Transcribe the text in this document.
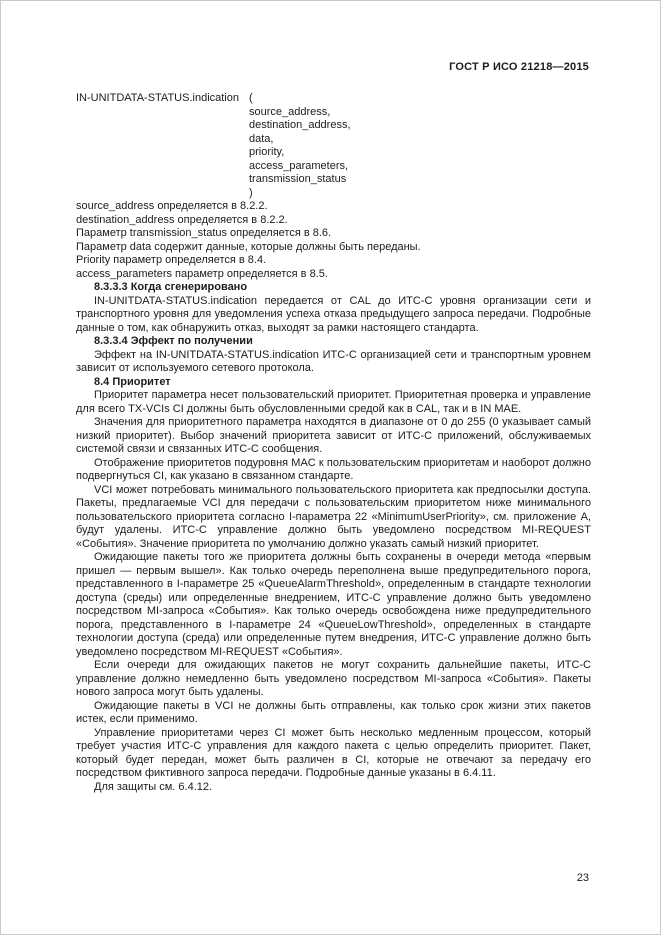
ГОСТ Р ИСО 21218—2015
IN-UNITDATA-STATUS.indication (
source_address,
destination_address,
data,
priority,
access_parameters,
transmission_status
)

source_address определяется в 8.2.2.

destination_address определяется в 8.2.2.

Параметр transmission_status определяется в 8.6.

Параметр data содержит данные, которые должны быть переданы.

Priority параметр определяется в 8.4.

access_parameters параметр определяется в 8.5.

8.3.3.3 Когда сгенерировано

IN-UNITDATA-STATUS.indication передается от CAL до ИТС-С уровня организации сети и транспортного уровня для уведомления успеха отказа предыдущего запроса передачи. Подробные данные о том, как обнаружить отказ, выходят за рамки настоящего стандарта.

8.3.3.4 Эффект по получении

Эффект на IN-UNITDATA-STATUS.indication ИТС-С организацией сети и транспортным уровнем зависит от используемого сетевого протокола.

8.4 Приоритет

Приоритет параметра несет пользовательский приоритет. Приоритетная проверка и управление для всего TX-VCIs CI должны быть обусловленными средой как в CAL, так и в IN MAE.

Значения для приоритетного параметра находятся в диапазоне от 0 до 255 (0 указывает самый низкий приоритет). Выбор значений приоритета зависит от ИТС-С приложений, обслуживаемых системой связи и связанных ИТС-С сообщения.

Отображение приоритетов подуровня MAC к пользовательским приоритетам и наоборот должно подвергнуться CI, как указано в связанном стандарте.

VCI может потребовать минимального пользовательского приоритета как предпосылки доступа. Пакеты, предлагаемые VCI для передачи с пользовательским приоритетом ниже минимального пользовательского приоритета согласно I-параметра 22 «MinimumUserPriority», см. приложение A, будут удалены. ИТС-С управление должно быть уведомлено посредством MI-REQUEST «События». Значение приоритета по умолчанию должно указать самый низкий приоритет.

Ожидающие пакеты того же приоритета должны быть сохранены в очереди метода «первым пришел — первым вышел». Как только очередь переполнена выше предупредительного порога, представленного в I-параметре 25 «QueueAlarmThreshold», определенным в стандарте технологии доступа (среды) или определенные внедрением, ИТС-С управление должно быть уведомлено посредством MI-запроса «События». Как только очередь освобождена ниже предупредительного порога, представленного в I-параметре 24 «QueueLowThreshold», определенных в стандарте технологии доступа (среда) или определенные путем внедрения, ИТС-С управление должно быть уведомлено посредством MI-REQUEST «События».

Если очереди для ожидающих пакетов не могут сохранить дальнейшие пакеты, ИТС-С управление должно немедленно быть уведомлено посредством MI-запроса «События». Пакеты нового запроса могут быть удалены.

Ожидающие пакеты в VCI не должны быть отправлены, как только срок жизни этих пакетов истек, если применимо.

Управление приоритетами через CI может быть несколько медленным процессом, который требует участия ИТС-С управления для каждого пакета с целью определить приоритет. Пакет, который будет передан, может быть различен в CI, которые не отвечают за передачу его посредством фиктивного запроса передачи. Подробные данные указаны в 6.4.11.

Для защиты см. 6.4.12.

23
